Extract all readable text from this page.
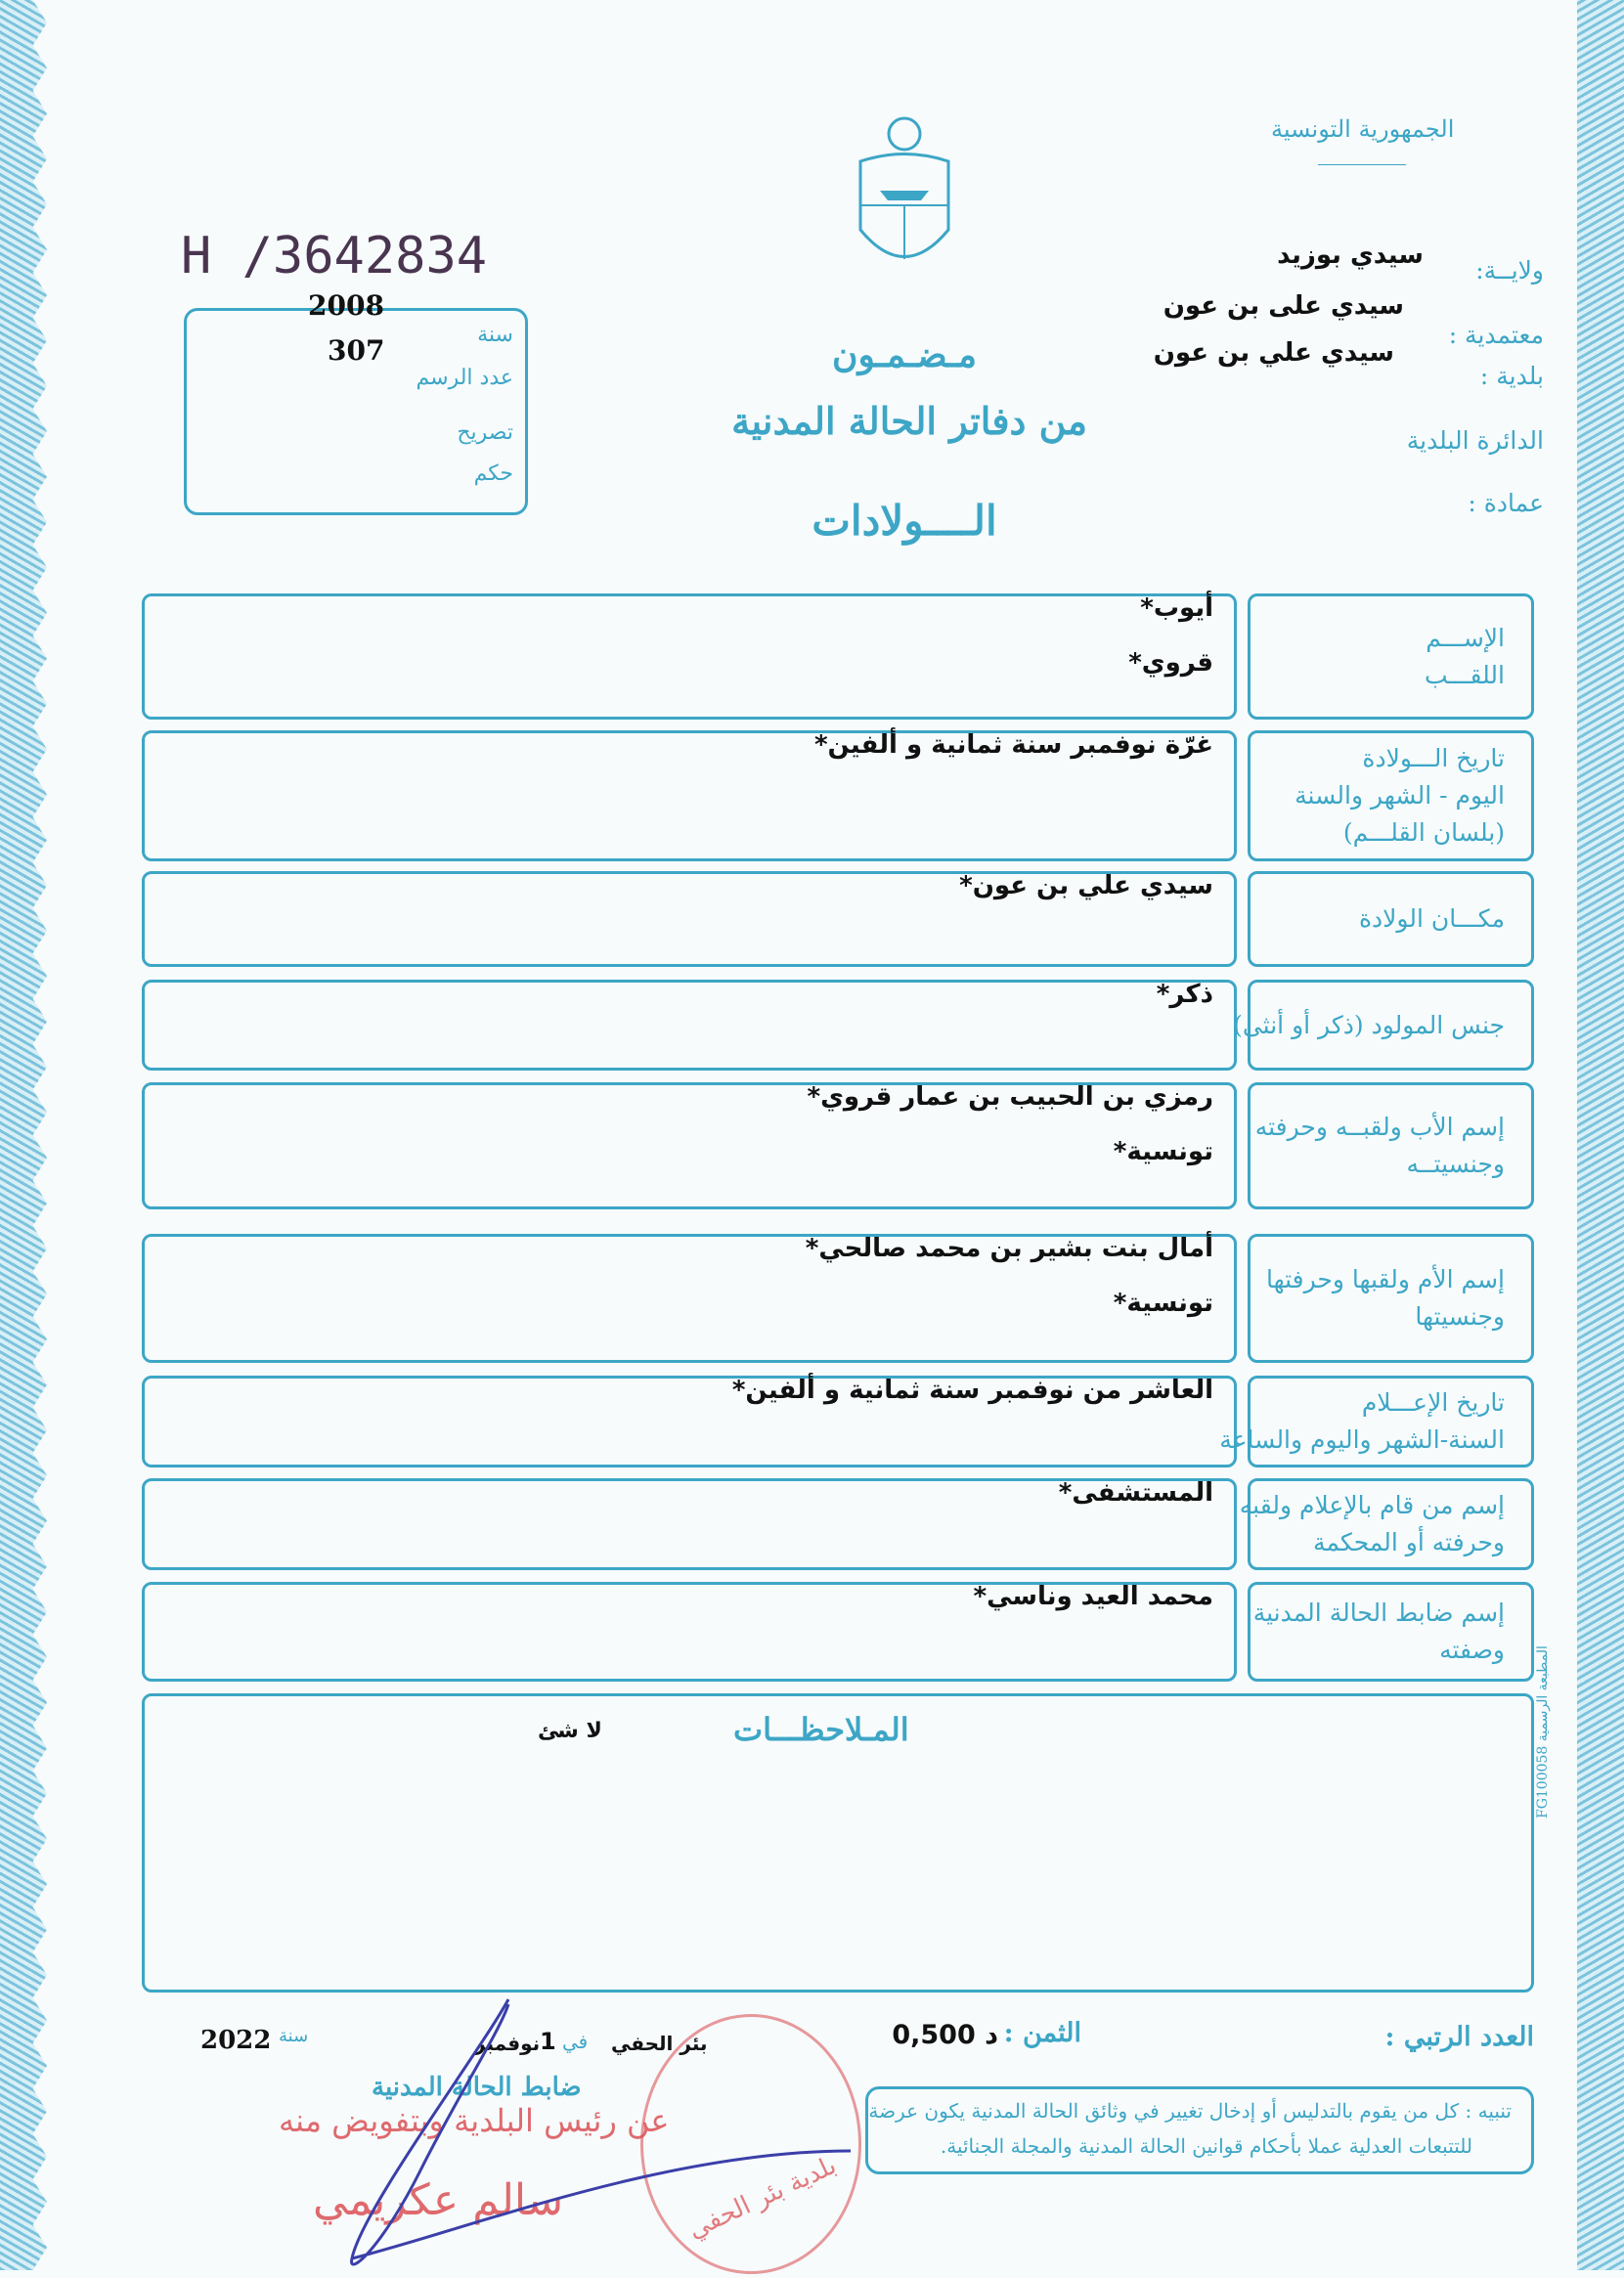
الجمهورية التونسية
H /3642834
2008
307	سنة
عدد الرسم
تصريح
حكم
ولايــة:
سيدي بوزيد
معتمدية :
سيدي على بن عون
بلدية :
سيدي علي بن عون
الدائرة البلدية
عمادة :
مـضـمـون
من دفاتر الحالة المدنية
الــــولادات
الإســـم
اللقـــب
أيوب*
قروي*
تاريخ الـــولادة
اليوم - الشهر والسنة
(بلسان القلـــم)
غرّة نوفمبر سنة ثمانية و ألفين*
مكـــان الولادة
سيدي علي بن عون*
جنس المولود (ذكر أو أنثى)
ذكر*
إسم الأب ولقبــه وحرفته
وجنسيتــه
رمزي بن الحبيب بن عمار قروي*
تونسية*
إسم الأم ولقبها وحرفتها
وجنسيتها
أمال بنت بشير بن محمد صالحي*
تونسية*
تاريخ الإعـــلام
السنة-الشهر واليوم والساعة
العاشر من نوفمبر سنة ثمانية و ألفين*
إسم من قام بالإعلام ولقبه
وحرفته أو المحكمة
المستشفى*
إسم ضابط الحالة المدنية
وصفته
محمد العيد وناسي*
المـلاحظـــات
لا شئ
المطبعة الرسمية FG100058
العدد الرتبي :
الثمن :
0,500 د
بئر الحفي
في
1
نوفمبر
سنة
2022
ضابط الحالة المدنية
عن رئيس البلدية وبتفويض منه
سالم عكريمي	بلدية بئر الحفي
تنبيه : كل من يقوم بالتدليس أو إدخال تغيير في وثائق الحالة المدنية يكون عرضة
للتتبعات العدلية عملا بأحكام قوانين الحالة المدنية والمجلة الجنائية.
